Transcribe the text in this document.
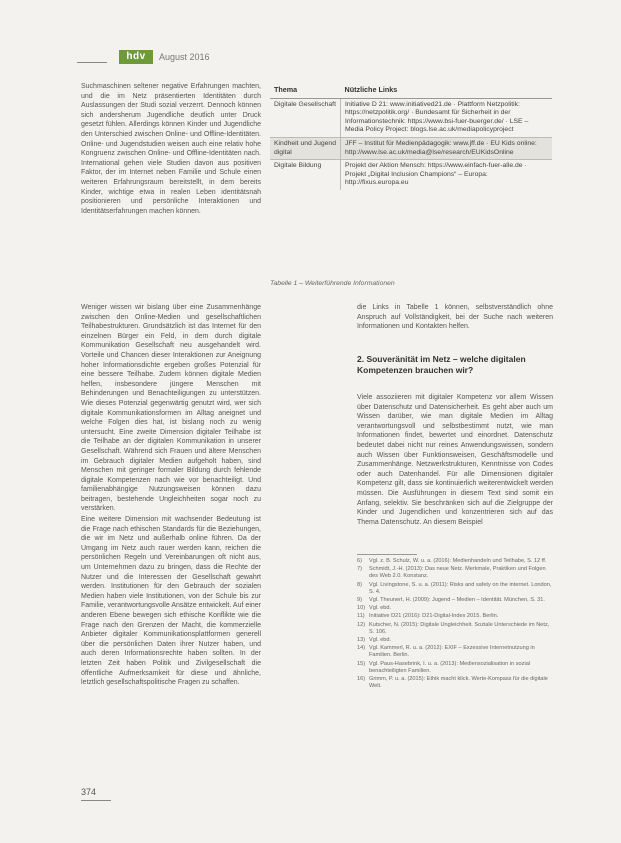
hdv	August 2016
Suchmaschinen seltener negative Erfahrungen machten, und die im Netz präsentierten Identitäten durch Auslassungen der Studi sozial verzerrt. Dennoch können sich andersherum Jugendliche deutlich unter Druck gesetzt fühlen. Allerdings können Kinder und Jugendliche den Unterschied zwischen Online- und Offline-Identitäten. Online- und Jugendstudien weisen auch eine relativ hohe Kongruenz zwischen Online- und Offline-Identitäten nach. International gehen viele Studien davon aus positiven Faktor, der im Internet neben Familie und Schule einen weiteren Erfahrungsraum bereitstellt, in dem bereits Kinder, wichtige etwa in realen Leben identitätsnah positionieren und persönliche Interaktionen und Identitätserfahrungen machen können.
Thema	Nützliche Links
Digitale Gesellschaft	Initiative D 21: www.initiatived21.de · Plattform Netzpolitik: https://netzpolitik.org/ · Bundesamt für Sicherheit in der Informationstechnik: https://www.bsi-fuer-buerger.de/ · LSE – Media Policy Project: blogs.lse.ac.uk/mediapolicyproject
Kindheit und Jugend digital	JFF – Institut für Medienpädagogik: www.jff.de · EU Kids online: http://www.lse.ac.uk/media@lse/research/EUKidsOnline
Digitale Bildung	Projekt der Aktion Mensch: https://www.einfach-fuer-alle.de · Projekt „Digital Inclusion Champions“ – Europa: http://fixus.europa.eu
Tabelle 1 – Weiterführende Informationen
Weniger wissen wir bislang über eine Zusammenhänge zwischen den Online-Medien und gesellschaftlichen Teilhabestrukturen. Grundsätzlich ist das Internet für den einzelnen Bürger ein Feld, in dem durch digitale Kommunikation Gesellschaft neu ausgehandelt wird. Vorteile und Chancen dieser Interaktionen zur Aneignung hoher Informationsdichte ergeben großes Potenzial für eine bessere Teilhabe. Zudem können digitale Medien helfen, insbesondere jüngere Menschen mit Behinderungen und Benachteiligungen zu unterstützen. Wie dieses Potenzial gegenwärtig genutzt wird, wer sich digitale Kommunikationsformen im Alltag aneignet und welche Folgen dies hat, ist bislang noch zu wenig untersucht. Eine zweite Dimension digitaler Teilhabe ist die Teilhabe an der digitalen Kommunikation in unserer Gesellschaft. Während sich Frauen und ältere Menschen im Gebrauch digitaler Medien aufgeholt haben, sind Menschen mit geringer formaler Bildung durch fehlende digitale Kompetenzen nach wie vor benachteiligt. Und familienabhängige Nutzungsweisen können dazu beitragen, bestehende Ungleichheiten sogar noch zu verstärken.
die Links in Tabelle 1 können, selbstverständlich ohne Anspruch auf Vollständigkeit, bei der Suche nach weiteren Informationen und Kontakten helfen.
2. Souveränität im Netz – welche digitalen Kompetenzen brauchen wir?
Viele assoziieren mit digitaler Kompetenz vor allem Wissen über Datenschutz und Datensicherheit. Es geht aber auch um Wissen darüber, wie man digitale Medien im Alltag verantwortungsvoll und selbstbestimmt nutzt, wie man Informationen findet, bewertet und einordnet. Datenschutz bedeutet dabei nicht nur reines Anwendungswissen, sondern auch Wissen über Funktionsweisen, Geschäftsmodelle und Zusammenhänge. Netzwerkstrukturen, Kenntnisse von Codes oder auch Datenhandel. Für alle Dimensionen digitaler Kompetenz gilt, dass sie kontinuierlich weiterentwickelt werden müssen. Die Ausführungen in diesem Text sind somit ein Anfang, selektiv. Sie beschränken sich auf die Zielgruppe der Kinder und Jugendlichen und konzentrieren sich auf das Thema Datenschutz. An diesem Beispiel
Eine weitere Dimension mit wachsender Bedeutung ist die Frage nach ethischen Standards für die Beziehungen, die wir im Netz und außerhalb online führen. Da der Umgang im Netz auch rauer werden kann, reichen die persönlichen Regeln und Vereinbarungen oft nicht aus, um Unternehmen dazu zu bringen, dass die Rechte der Nutzer und die Interessen der Gesellschaft gewahrt werden. Institutionen für den Gebrauch der sozialen Medien haben viele Institutionen, von der Schule bis zur Familie, verantwortungsvolle Ansätze entwickelt. Auf einer anderen Ebene bewegen sich ethische Konflikte wie die Frage nach den Grenzen der Macht, die kommerzielle Anbieter digitaler Kommunikationsplattformen generell über die persönlichen Daten ihrer Nutzer haben, und auch deren Informationsrechte haben sollten. In der letzten Zeit haben Politik und Zivilgesellschaft die öffentliche Aufmerksamkeit für diese und ähnliche, letztlich gesellschaftspolitische Fragen zu schaffen.
6)	Vgl. z. B. Schulz, W. u. a. (2016): Medienhandeln und Teilhabe, S. 12 ff.
7)	Schmidt, J.-H. (2013): Das neue Netz. Merkmale, Praktiken und Folgen des Web 2.0. Konstanz.
8)	Vgl. Livingstone, S. u. a. (2011): Risks and safety on the internet. London, S. 4.
9)	Vgl. Theunert, H. (2009): Jugend – Medien – Identität. München, S. 31.
10) Vgl. ebd.
11) Initiative D21 (2016): D21-Digital-Index 2015. Berlin.
12) Kutscher, N. (2015): Digitale Ungleichheit. Soziale Unterschiede im Netz, S. 106.
13) Vgl. ebd.
14) Vgl. Kammerl, R. u. a. (2012): EXIF – Exzessive Internetnutzung in Familien. Berlin.
15) Vgl. Paus-Hasebrink, I. u. a. (2013): Mediensozialisation in sozial benachteiligten Familien.
16) Grimm, P. u. a. (2015): Ethik macht klick. Werte-Kompass für die digitale Welt.
374
